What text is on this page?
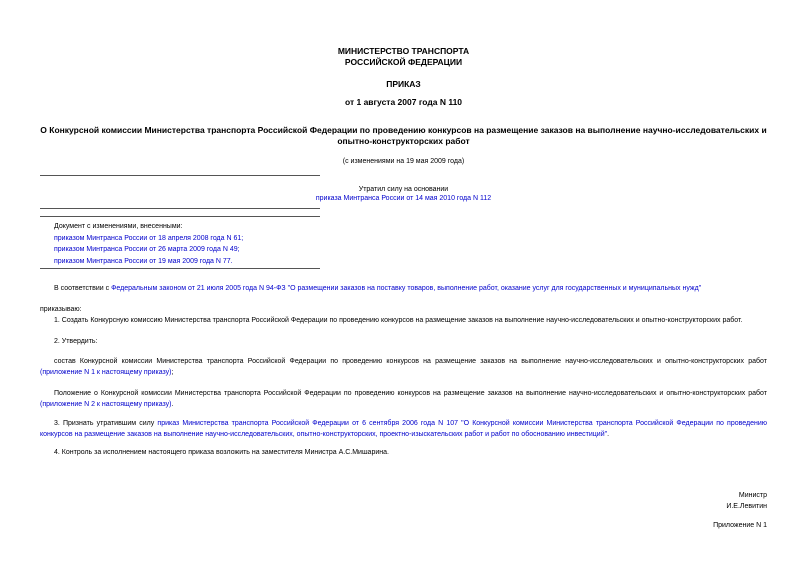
МИНИСТЕРСТВО ТРАНСПОРТА
РОССИЙСКОЙ ФЕДЕРАЦИИ
ПРИКАЗ
от 1 августа 2007 года N 110
О Конкурсной комиссии Министерства транспорта Российской Федерации по проведению конкурсов на размещение заказов на выполнение научно-исследовательских и опытно-конструкторских работ
(с изменениями на 19 мая 2009 года)
Утратил силу на основании
приказа Минтранса России от 14 мая 2010 года N 112
Документ с изменениями, внесенными:
приказом Минтранса России от 18 апреля 2008 года N 61;
приказом Минтранса России от 26 марта 2009 года N 49;
приказом Минтранса России от 19 мая 2009 года N 77.
В соответствии с Федеральным законом от 21 июля 2005 года N 94-ФЗ "О размещении заказов на поставку товаров, выполнение работ, оказание услуг для государственных и муниципальных нужд"
приказываю:
1. Создать Конкурсную комиссию Министерства транспорта Российской Федерации по проведению конкурсов на размещение заказов на выполнение научно-исследовательских и опытно-конструкторских работ.
2. Утвердить:
состав Конкурсной комиссии Министерства транспорта Российской Федерации по проведению конкурсов на размещение заказов на выполнение научно-исследовательских и опытно-конструкторских работ (приложение N 1 к настоящему приказу);
Положение о Конкурсной комиссии Министерства транспорта Российской Федерации по проведению конкурсов на размещение заказов на выполнение научно-исследовательских и опытно-конструкторских работ (приложение N 2 к настоящему приказу).
3. Признать утратившим силу приказ Министерства транспорта Российской Федерации от 6 сентября 2006 года N 107 "О Конкурсной комиссии Министерства транспорта Российской Федерации по проведению конкурсов на размещение заказов на выполнение научно-исследовательских, опытно-конструкторских, проектно-изыскательских работ и работ по обоснованию инвестиций".
4. Контроль за исполнением настоящего приказа возложить на заместителя Министра А.С.Мишарина.
Министр
И.Е.Левитин
Приложение N 1
